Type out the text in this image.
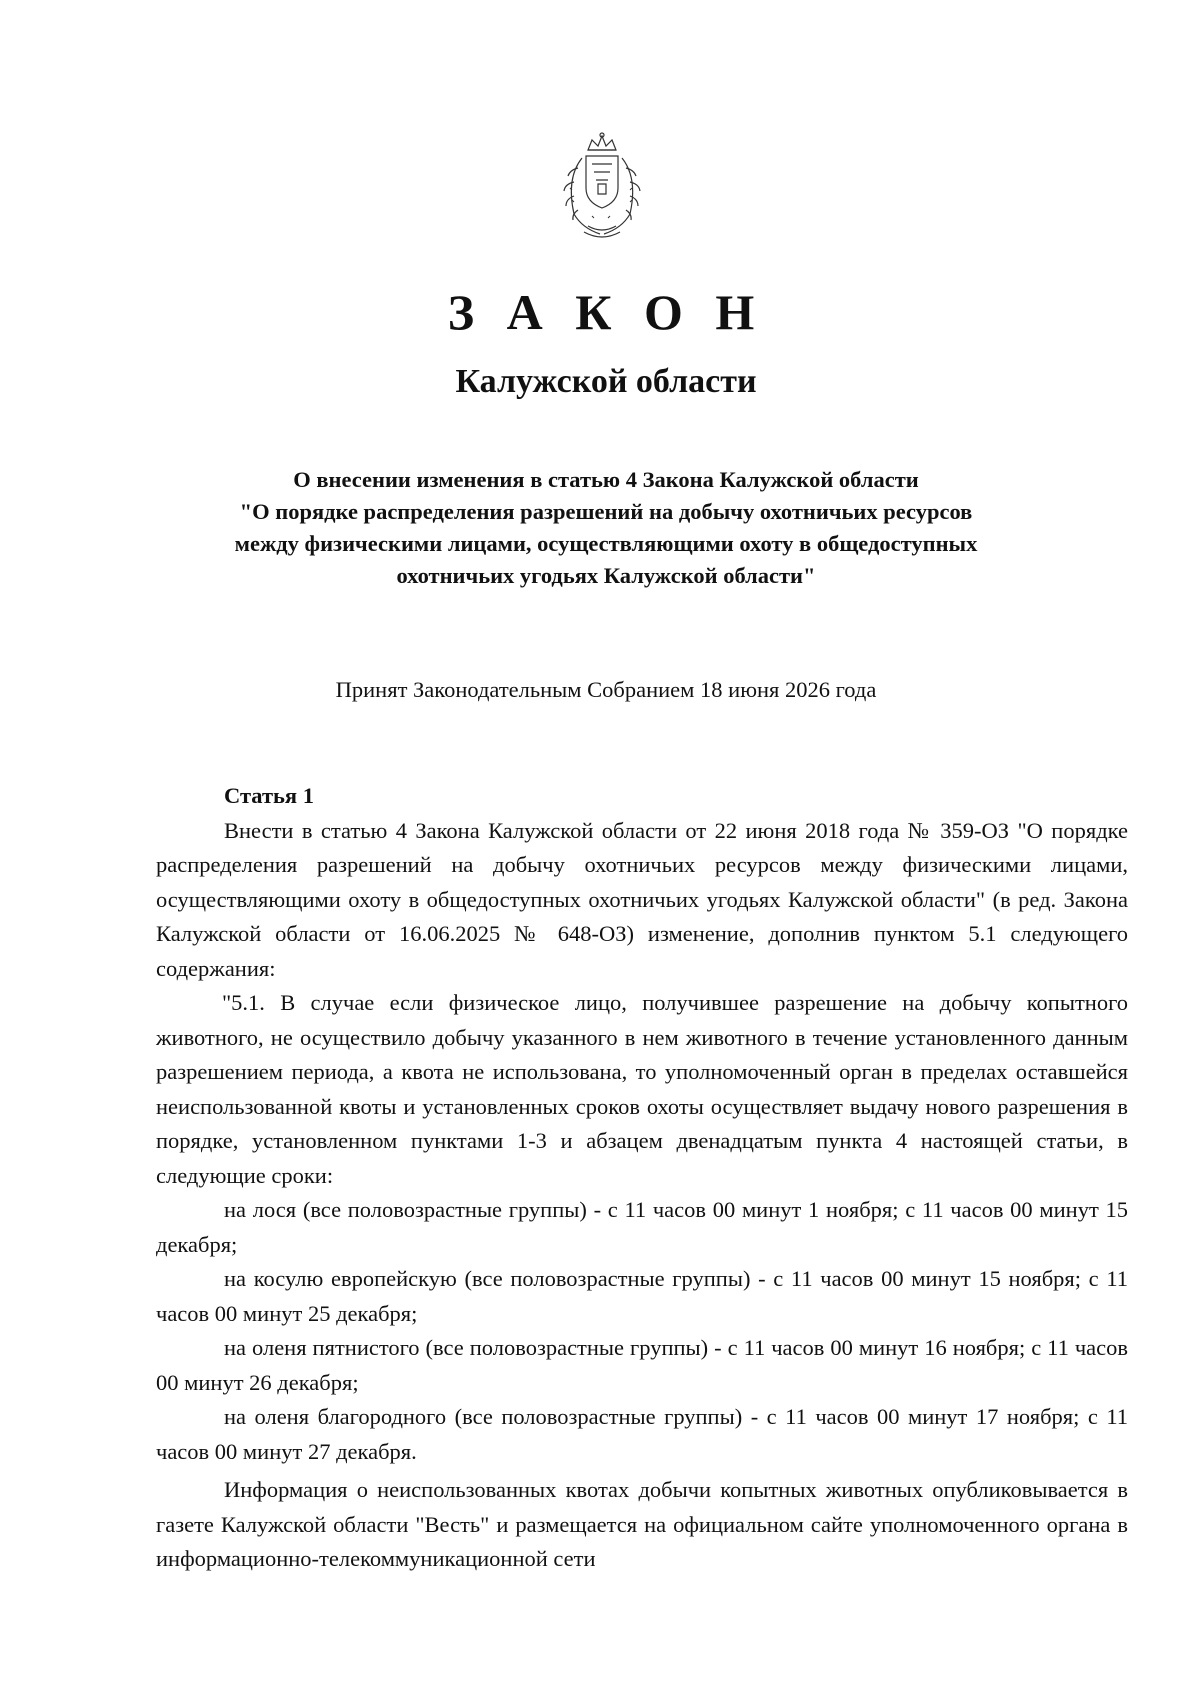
З А К О Н
Калужской области
О внесении изменения в статью 4 Закона Калужской области
"О порядке распределения разрешений на добычу охотничьих ресурсов
между физическими лицами, осуществляющими охоту в общедоступных
охотничьих угодьях Калужской области"
Принят Законодательным Собранием 18 июня 2026 года

Статья 1

Внести в статью 4 Закона Калужской области от 22 июня 2018 года № 359-ОЗ "О порядке распределения разрешений на добычу охотничьих ресурсов между физическими лицами, осуществляющими охоту в общедоступных охотничьих угодьях Калужской области" (в ред. Закона Калужской области от 16.06.2025 № 648-ОЗ) изменение, дополнив пунктом 5.1 следующего содержания:

"5.1. В случае если физическое лицо, получившее разрешение на добычу копытного животного, не осуществило добычу указанного в нем животного в течение установленного данным разрешением периода, а квота не использована, то уполномоченный орган в пределах оставшейся неиспользованной квоты и установленных сроков охоты осуществляет выдачу нового разрешения в порядке, установленном пунктами 1-3 и абзацем двенадцатым пункта 4 настоящей статьи, в следующие сроки:

на лося (все половозрастные группы) - с 11 часов 00 минут 1 ноября; с 11 часов 00 минут 15 декабря;

на косулю европейскую (все половозрастные группы) - с 11 часов 00 минут 15 ноября; с 11 часов 00 минут 25 декабря;

на оленя пятнистого (все половозрастные группы) - с 11 часов 00 минут 16 ноября; с 11 часов 00 минут 26 декабря;

на оленя благородного (все половозрастные группы) - с 11 часов 00 минут 17 ноября; с 11 часов 00 минут 27 декабря.

Информация о неиспользованных квотах добычи копытных животных опубликовывается в газете Калужской области "Весть" и размещается на официальном сайте уполномоченного органа в информационно-телекоммуникационной сети
